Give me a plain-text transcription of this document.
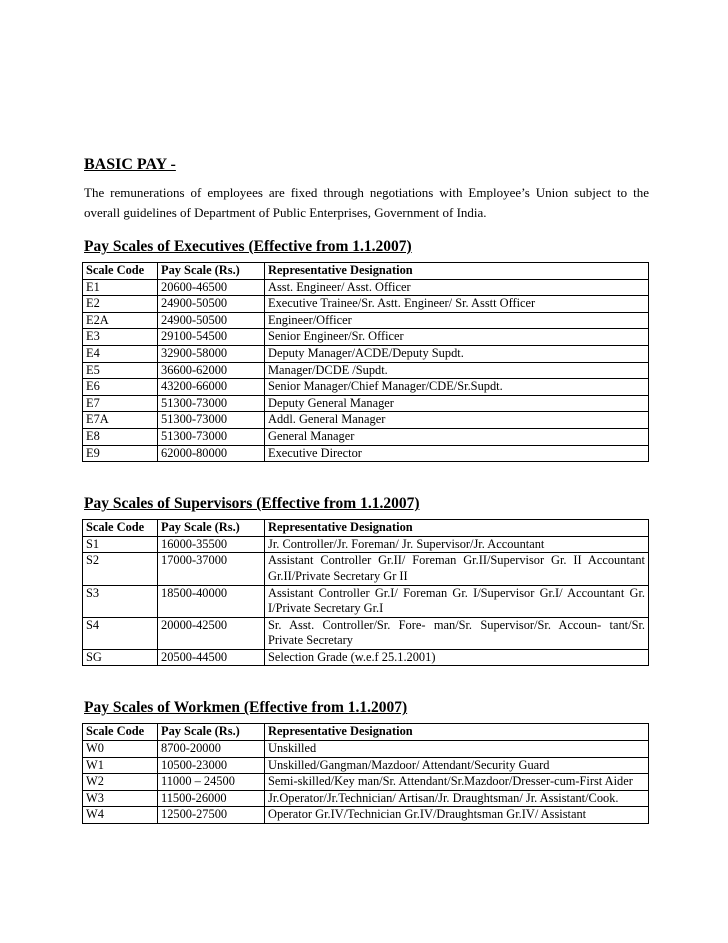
BASIC PAY -

The remunerations of employees are fixed through negotiations with Employee’s Union subject to the overall guidelines of Department of Public Enterprises, Government of India.

Pay Scales of Executives (Effective from 1.1.2007)

Scale Code	Pay Scale (Rs.)	Representative Designation
E1	20600-46500	Asst. Engineer/ Asst. Officer
E2	24900-50500	Executive Trainee/Sr. Astt. Engineer/ Sr. Asstt Officer
E2A	24900-50500	Engineer/Officer
E3	29100-54500	Senior Engineer/Sr. Officer
E4	32900-58000	Deputy Manager/ACDE/Deputy Supdt.
E5	36600-62000	Manager/DCDE /Supdt.
E6	43200-66000	Senior Manager/Chief Manager/CDE/Sr.Supdt.
E7	51300-73000	Deputy General Manager
E7A	51300-73000	Addl. General Manager
E8	51300-73000	General Manager
E9	62000-80000	Executive Director

Pay Scales of Supervisors (Effective from 1.1.2007)

Scale Code	Pay Scale (Rs.)	Representative Designation
S1	16000-35500	Jr. Controller/Jr. Foreman/ Jr. Supervisor/Jr. Accountant
S2	17000-37000	Assistant Controller Gr.II/ Foreman Gr.II/Supervisor Gr. II Accountant Gr.II/Private Secretary Gr II
S3	18500-40000	Assistant Controller Gr.I/ Foreman Gr. I/Supervisor Gr.I/ Accountant Gr. I/Private Secretary Gr.I
S4	20000-42500	Sr. Asst. Controller/Sr. Fore- man/Sr. Supervisor/Sr. Accoun- tant/Sr. Private Secretary
SG	20500-44500	Selection Grade (w.e.f 25.1.2001)

Pay Scales of Workmen (Effective from 1.1.2007)

Scale Code	Pay Scale (Rs.)	Representative Designation
W0	8700-20000	Unskilled
W1	10500-23000	Unskilled/Gangman/Mazdoor/ Attendant/Security Guard
W2	11000 – 24500	Semi-skilled/Key man/Sr. Attendant/Sr.Mazdoor/Dresser-cum-First Aider
W3	11500-26000	Jr.Operator/Jr.Technician/ Artisan/Jr. Draughtsman/ Jr. Assistant/Cook.
W4	12500-27500	Operator Gr.IV/Technician Gr.IV/Draughtsman Gr.IV/ Assistant
